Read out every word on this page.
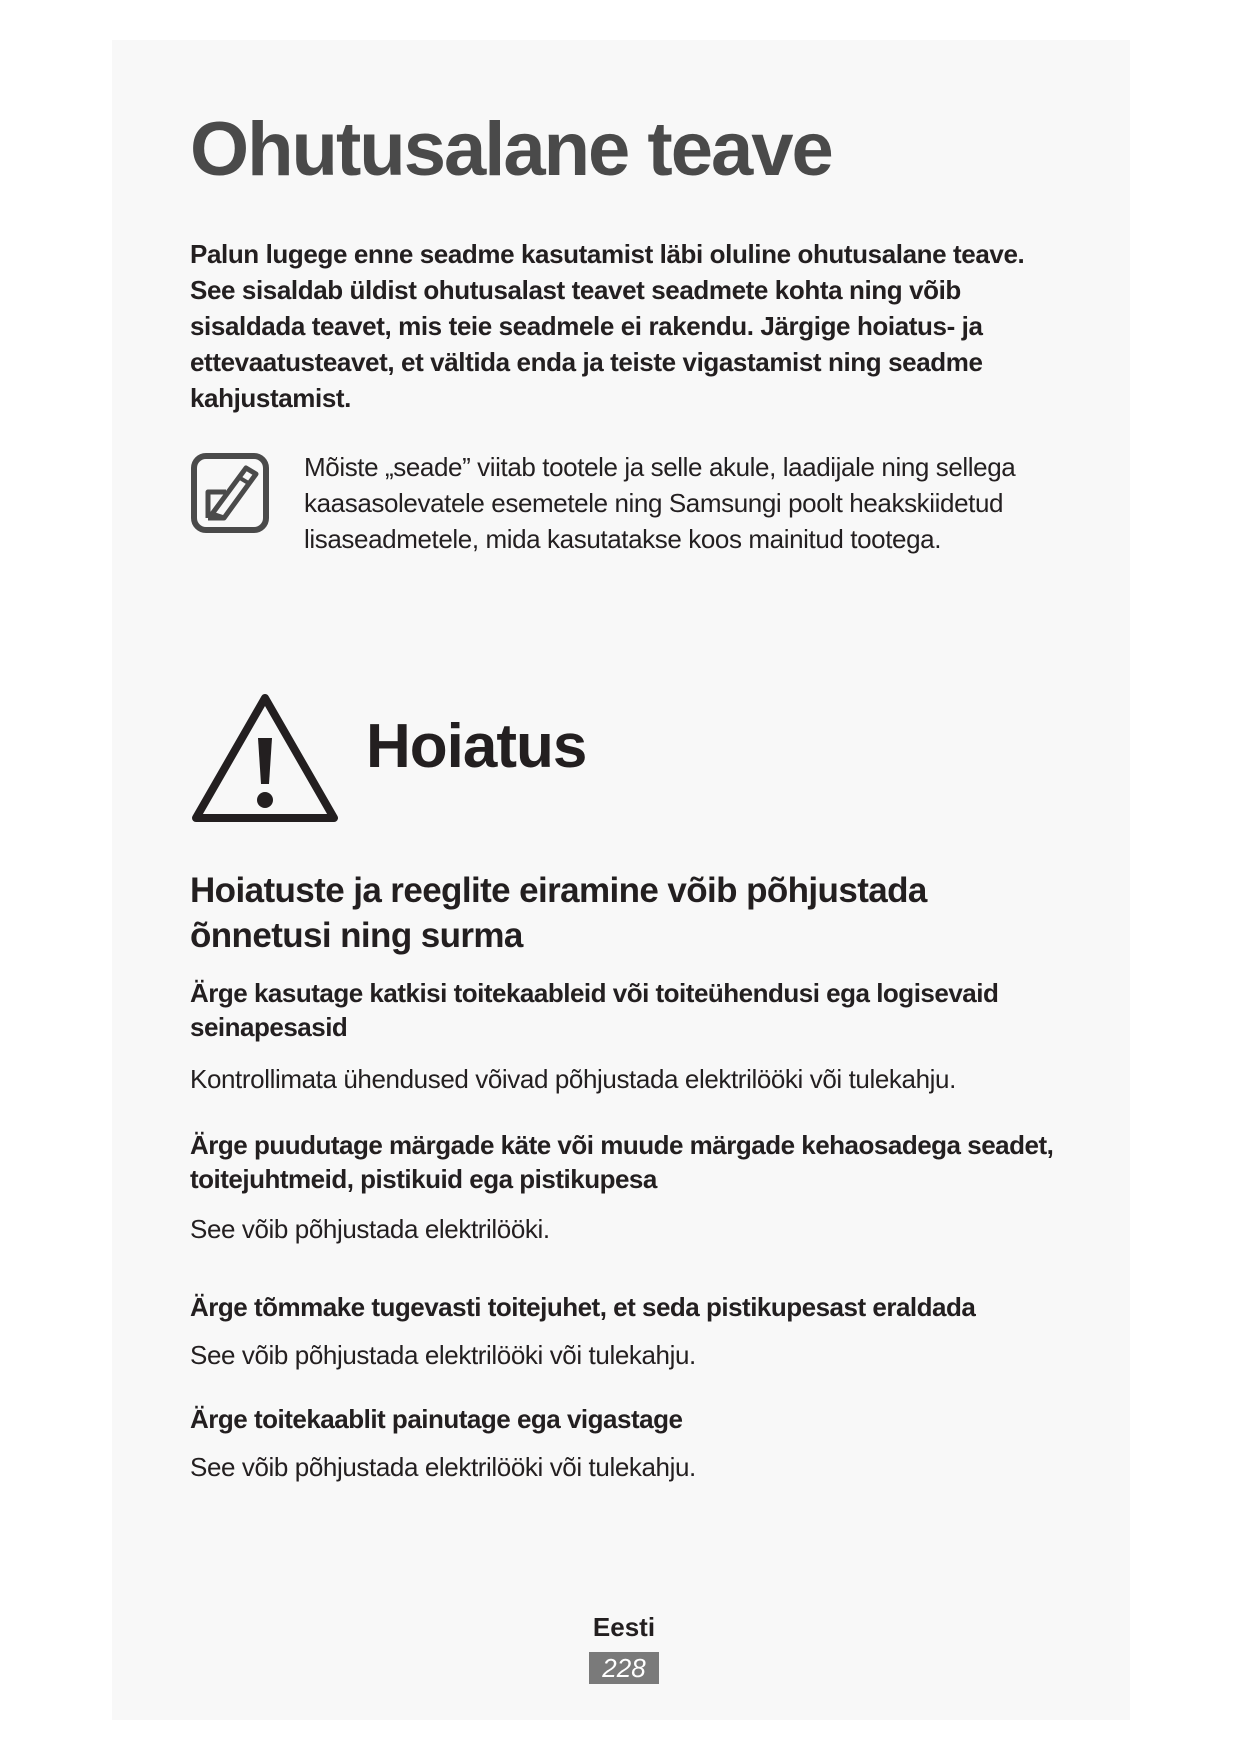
Ohutusalane teave

Palun lugege enne seadme kasutamist läbi oluline ohutusalane teave. See sisaldab üldist ohutusalast teavet seadmete kohta ning võib sisaldada teavet, mis teie seadmele ei rakendu. Järgige hoiatus- ja ettevaatusteavet, et vältida enda ja teiste vigastamist ning seadme kahjustamist.

Mõiste „seade” viitab tootele ja selle akule, laadijale ning sellega kaasasolevatele esemetele ning Samsungi poolt heakskiidetud lisaseadmetele, mida kasutatakse koos mainitud tootega.

Hoiatus
Hoiatuste ja reeglite eiramine võib põhjustada õnnetusi ning surma
Ärge kasutage katkisi toitekaableid või toiteühendusi ega logisevaid seinapesasid

Kontrollimata ühendused võivad põhjustada elektrilööki või tulekahju.

Ärge puudutage märgade käte või muude märgade kehaosadega seadet, toitejuhtmeid, pistikuid ega pistikupesa

See võib põhjustada elektrilööki.

Ärge tõmmake tugevasti toitejuhet, et seda pistikupesast eraldada

See võib põhjustada elektrilööki või tulekahju.

Ärge toitekaablit painutage ega vigastage

See võib põhjustada elektrilööki või tulekahju.

Eesti

228
